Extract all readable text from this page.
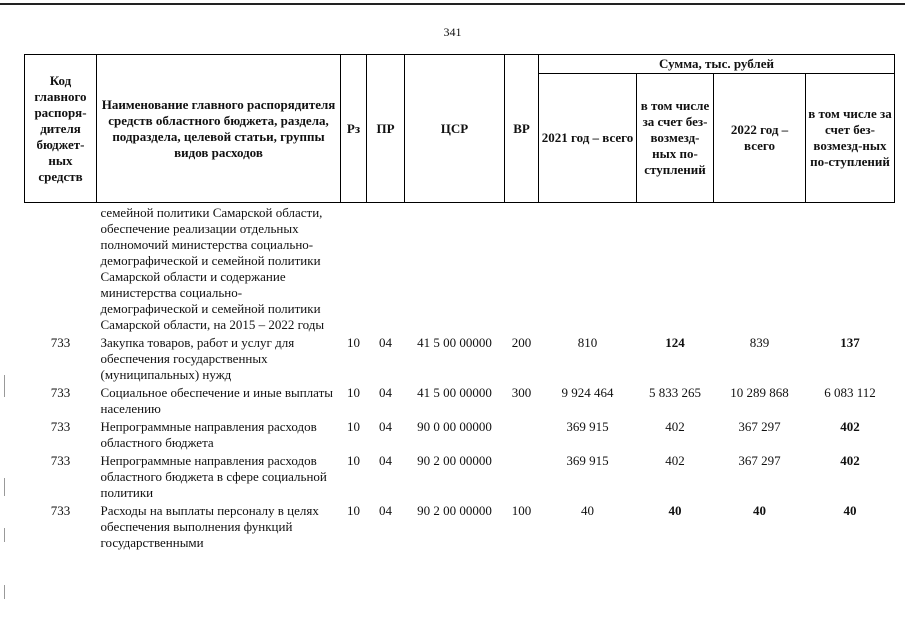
341
Код главного распоря-дителя бюджет-ных средств	Наименование главного распорядителя средств областного бюджета, раздела, подраздела, целевой статьи, группы видов расходов	Рз	ПР	ЦСР	ВР	Сумма, тыс. рублей			
						2021 год – всего	в том числе за счет без-возмезд-ных по-ступлений	2022 год – всего	в том числе за счет без-возмезд-ных по-ступлений
	семейной политики Самарской области, обеспечение реализации отдельных полномочий министерства социально-демографической и семейной политики Самарской области и содержание министерства социально-демографической и семейной политики Самарской области, на 2015 – 2022 годы								
733	Закупка товаров, работ и услуг для обеспечения государственных (муниципальных) нужд	10	04	41 5 00 00000	200	810	124	839	137
733	Социальное обеспечение и иные выплаты населению	10	04	41 5 00 00000	300	9 924 464	5 833 265	10 289 868	6 083 112
733	Непрограммные направления расходов областного бюджета	10	04	90 0 00 00000		369 915	402	367 297	402
733	Непрограммные направления расходов областного бюджета в сфере социальной политики	10	04	90 2 00 00000		369 915	402	367 297	402
733	Расходы на выплаты персоналу в целях обеспечения выполнения функций государственными	10	04	90 2 00 00000	100	40	40	40	40
